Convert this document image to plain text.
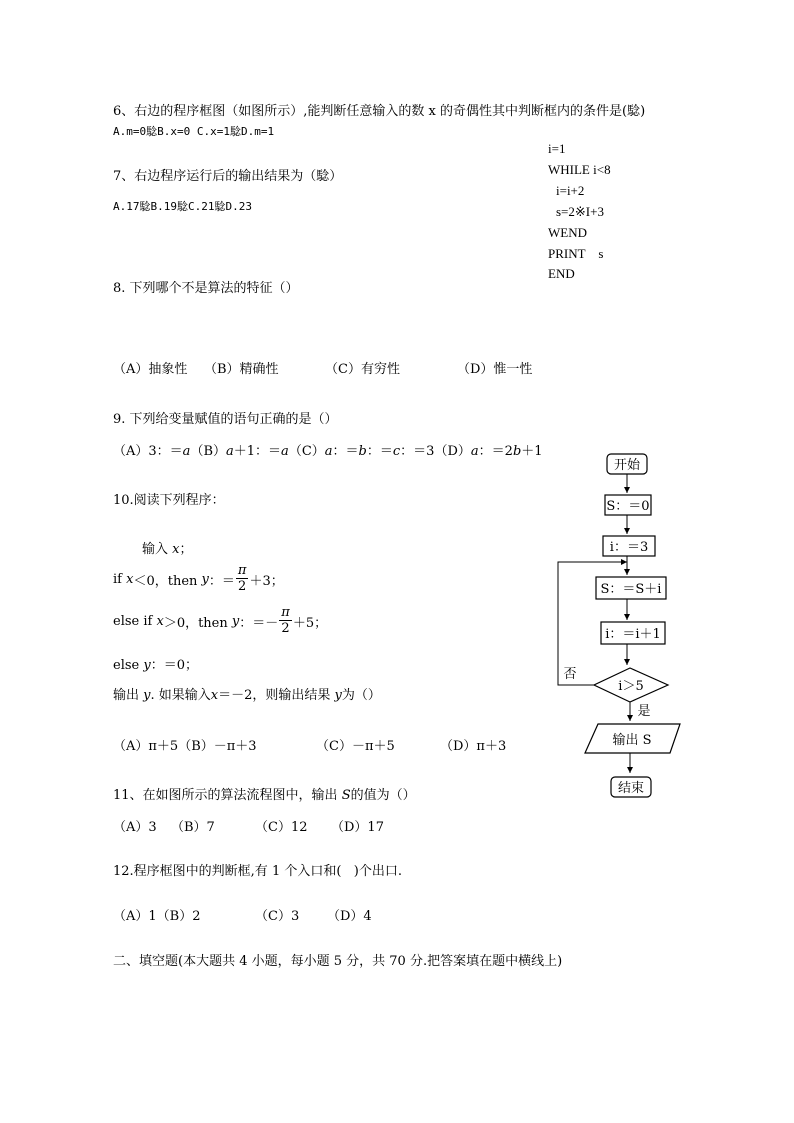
6、右边的程序框图（如图所示）,能判断任意输入的数 x 的奇偶性其中判断框内的条件是(騐)
A.m=0騐B.x=0 C.x=1騐D.m=1
7、右边程序运行后的输出结果为（騐）
A.17騐B.19騐C.21騐D.23
i=1
WHILE i<8
i=i+2
s=2※I+3
WEND
PRINT    s
END
8. 下列哪个不是算法的特征（）
（A）抽象性 （B）精确性	（C）有穷性	（D）惟一性
9. 下列给变量赋值的语句正确的是（）
（A）3：＝a（B）a＋1：＝a（C）a：＝b：＝c：＝3（D）a：＝2b＋1
10.阅读下列程序：
输入 x；
if
x ＜0，then
y ：＝ $\frac{\pi}{2} +3$；
else if
x ＞0，then
y ：＝－ $\frac{\pi}{2} +5$；
else y：＝0；
输出 y. 如果输入x＝－2，则输出结果 y为（）
（A）π＋5（B）－π＋3	（C）－π＋5	（D）π＋3
11、在如图所示的算法流程图中，输出 S的值为（）
（A）3 （B）7	（C）12 （D）17
12.程序框图中的判断框,有 1 个入口和(   )个出口.
（A）1（B）2	（C）3 （D）4
二、填空题(本大题共 4 小题，每小题 5 分，共 70 分.把答案填在题中横线上)
开始
S：＝0
i：＝3
S：＝S＋i
i：＝i＋1
i＞5
否
是
输出 S
结束
